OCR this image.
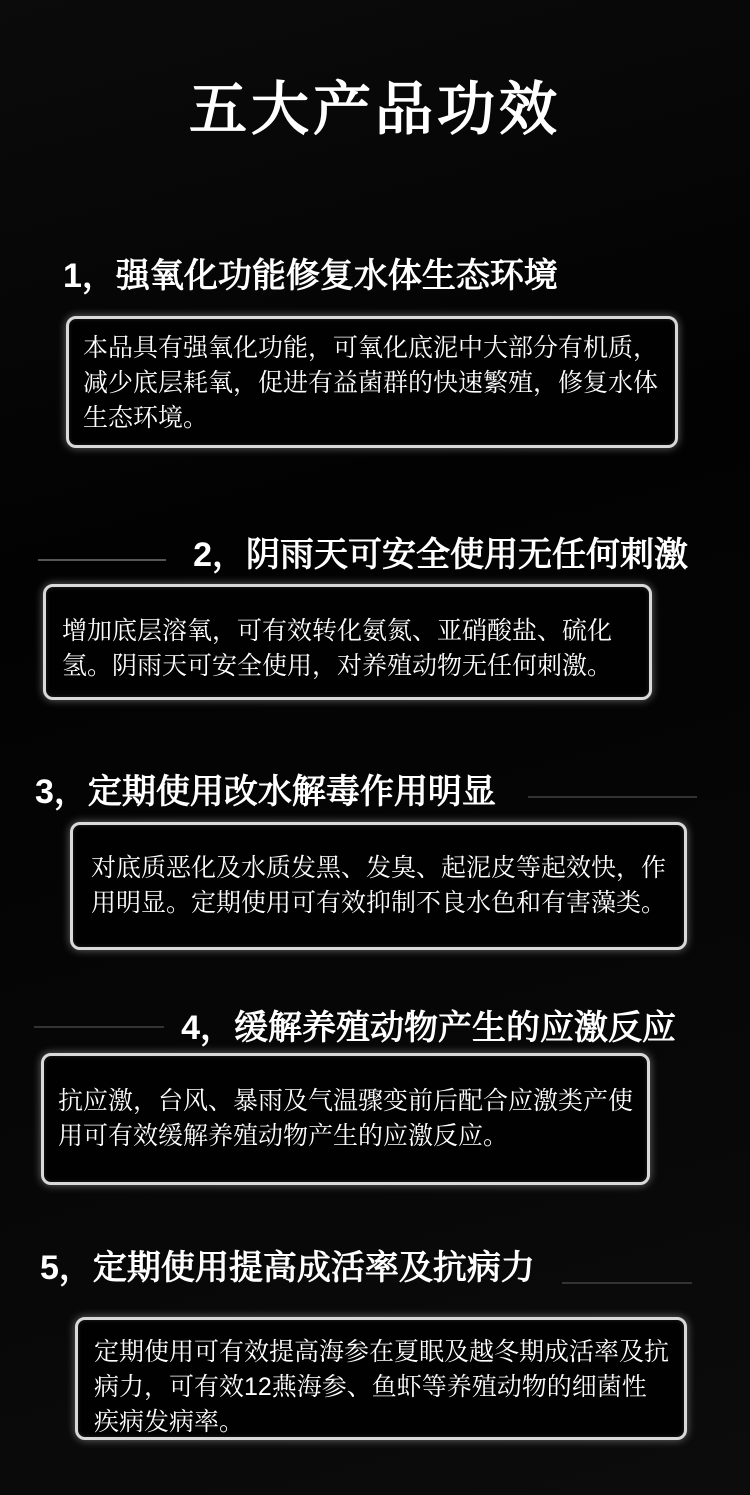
五大产品功效
1，强氧化功能修复水体生态环境

本品具有强氧化功能，可氧化底泥中大部分有机质，减少底层耗氧，促进有益菌群的快速繁殖，修复水体生态环境。

2，阴雨天可安全使用无任何刺激

增加底层溶氧，可有效转化氨氮、亚硝酸盐、硫化氢。阴雨天可安全使用，对养殖动物无任何刺激。

3，定期使用改水解毒作用明显

对底质恶化及水质发黑、发臭、起泥皮等起效快，作用明显。定期使用可有效抑制不良水色和有害藻类。

4，缓解养殖动物产生的应激反应

抗应激，台风、暴雨及气温骤变前后配合应激类产使用可有效缓解养殖动物产生的应激反应。

5，定期使用提高成活率及抗病力

定期使用可有效提高海参在夏眠及越冬期成活率及抗病力，可有效12燕海参、鱼虾等养殖动物的细菌性疾病发病率。
